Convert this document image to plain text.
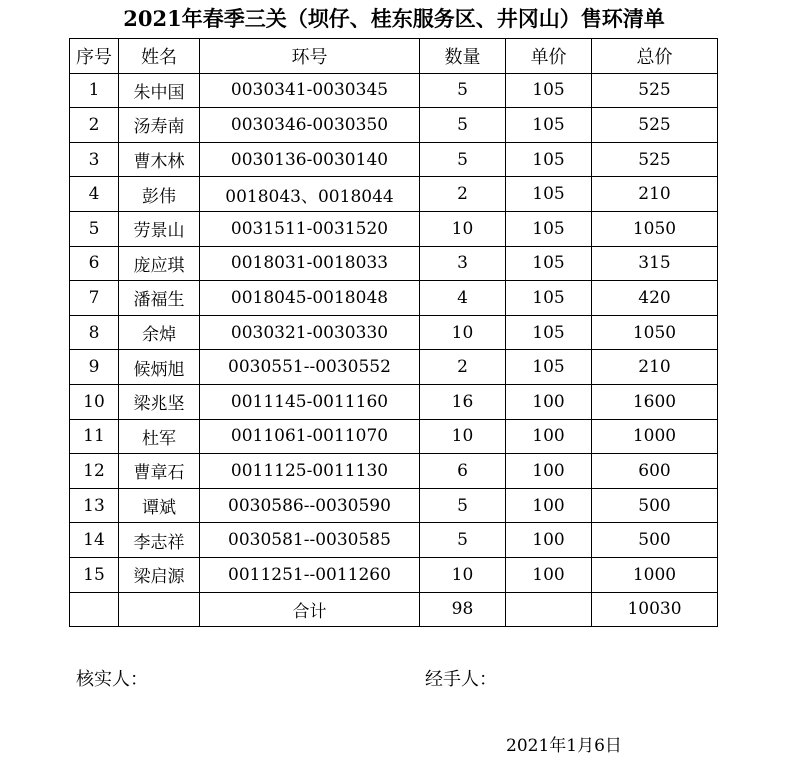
2021年春季三关（坝仔、桂东服务区、井冈山）售环清单
序号	姓名	环号	数量	单价	总价
1	朱中国	0030341-0030345	5	105	525
2	汤寿南	0030346-0030350	5	105	525
3	曹木林	0030136-0030140	5	105	525
4	彭伟	0018043、0018044	2	105	210
5	劳景山	0031511-0031520	10	105	1050
6	庞应琪	0018031-0018033	3	105	315
7	潘福生	0018045-0018048	4	105	420
8	余焯	0030321-0030330	10	105	1050
9	候炳旭	0030551--0030552	2	105	210
10	梁兆坚	0011145-0011160	16	100	1600
11	杜军	0011061-0011070	10	100	1000
12	曹章石	0011125-0011130	6	100	600
13	谭斌	0030586--0030590	5	100	500
14	李志祥	0030581--0030585	5	100	500
15	梁启源	0011251--0011260	10	100	1000
		合计	98		10030
核实人：	经手人：
2021年1月6日
